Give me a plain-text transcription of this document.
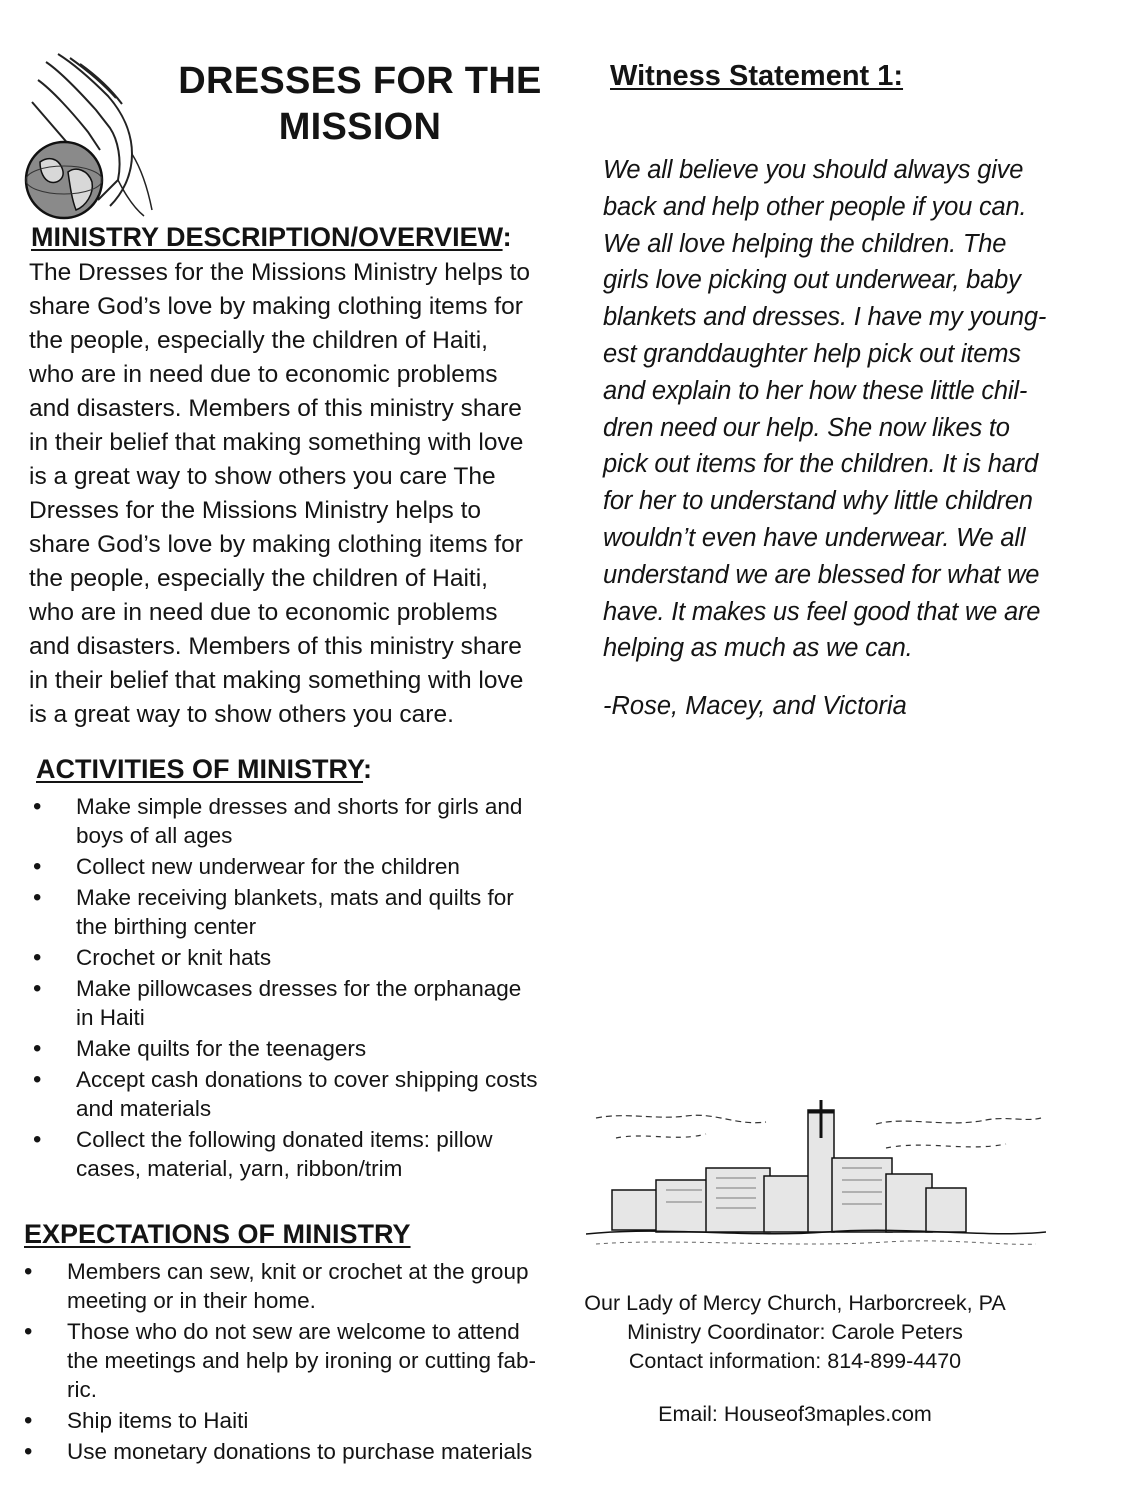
DRESSES FOR THE
MISSION
MINISTRY DESCRIPTION/OVERVIEW:
The Dresses for the Missions Ministry helps to
share God’s love by making clothing items for
the people, especially the children of Haiti,
who are in need due to economic problems
and disasters. Members of this ministry share
in their belief that making something with love
is a great way to show others you care The
Dresses for the Missions Ministry helps to
share God’s love by making clothing items for
the people, especially the children of Haiti,
who are in need due to economic problems
and disasters. Members of this ministry share
in their belief that making something with love
is a great way to show others you care.
ACTIVITIES OF MINISTRY:
• Make simple dresses and shorts for girls and
boys of all ages
• Collect new underwear for the children
• Make receiving blankets, mats and quilts for
the birthing center
• Crochet or knit hats
• Make pillowcases dresses for the orphanage
in Haiti
• Make quilts for the teenagers
• Accept cash donations to cover shipping costs
and materials
• Collect the following donated items: pillow
cases, material, yarn, ribbon/trim
EXPECTATIONS OF MINISTRY
• Members can sew, knit or crochet at the group
meeting or in their home.
• Those who do not sew are welcome to attend
the meetings and help by ironing or cutting fab-
ric.
• Ship items to Haiti
• Use monetary donations to purchase materials
Witness Statement 1:
We all believe you should always give
back and help other people if you can.
We all love helping the children. The
girls love picking out underwear, baby
blankets and dresses. I have my young-
est granddaughter help pick out items
and explain to her how these little chil-
dren need our help. She now likes to
pick out items for the children. It is hard
for her to understand why little children
wouldn’t even have underwear. We all
understand we are blessed for what we
have. It makes us feel good that we are
helping as much as we can.
-Rose, Macey, and Victoria
Our Lady of Mercy Church, Harborcreek, PA
Ministry Coordinator: Carole Peters
Contact information: 814-899-4470
Email: Houseof3maples.com
